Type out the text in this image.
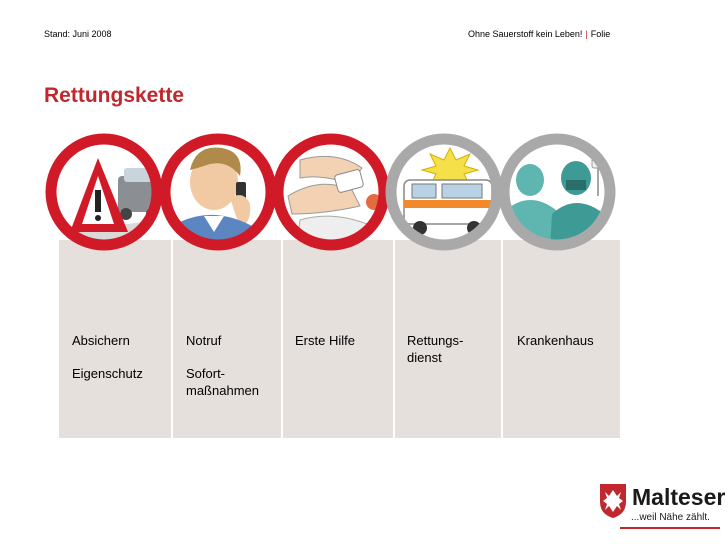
Stand: Juni 2008	Ohne Sauerstoff kein Leben! | Folie
Rettungskette
Absichern
Eigenschutz
Notruf
Sofort-
maßnahmen
Erste Hilfe	Rettungs-
dienst
Krankenhaus
Malteser
...weil Nähe zählt.
